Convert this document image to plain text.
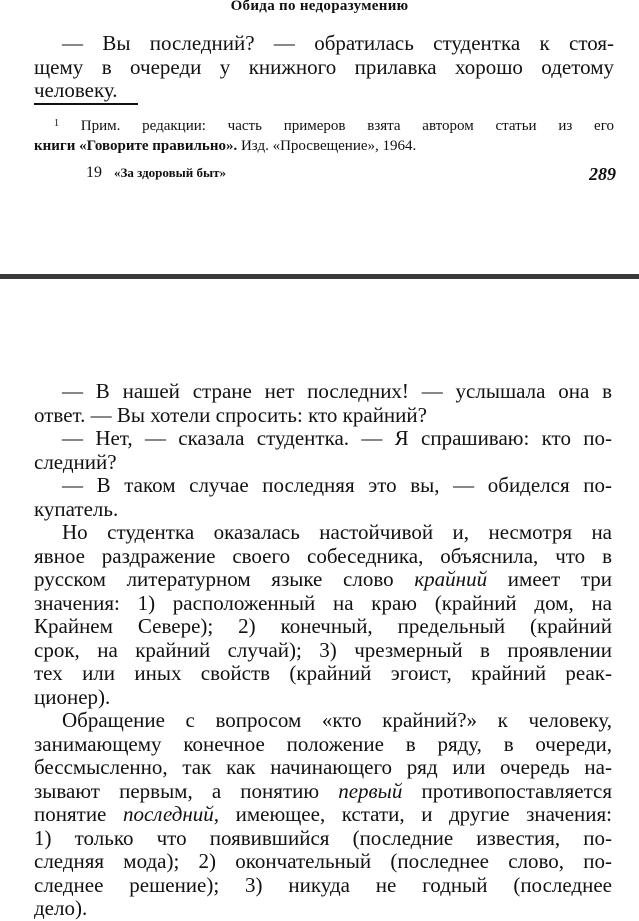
Обида по недоразумению
— Вы последний? — обратилась студентка к стоя-
щему в очереди у книжного прилавка хорошо одетому
человеку.
$^1$ Прим. редакции: часть примеров взята автором статьи из его
книги «Говорите правильно». Изд. «Просвещение», 1964.
19 «За здоровый быт»	289
— В нашей стране нет последних! — услышала она в
ответ. — Вы хотели спросить: кто крайний?
— Нет, — сказала студентка. — Я спрашиваю: кто по-
следний?
— В таком случае последняя это вы, — обиделся по-
купатель.
Но студентка оказалась настойчивой и, несмотря на
явное раздражение своего собеседника, объяснила, что в
русском литературном языке слово крайний имеет три
значения: 1) расположенный на краю (крайний дом, на
Крайнем Севере); 2) конечный, предельный (крайний
срок, на крайний случай); 3) чрезмерный в проявлении
тех или иных свойств (крайний эгоист, крайний реак-
ционер).
Обращение с вопросом «кто крайний?» к человеку,
занимающему конечное положение в ряду, в очереди,
бессмысленно, так как начинающего ряд или очередь на-
зывают первым, а понятию первый противопоставляется
понятие последний, имеющее, кстати, и другие значения:
1) только что появившийся (последние известия, по-
следняя мода); 2) окончательный (последнее слово, по-
следнее решение); 3) никуда не годный (последнее
дело).
